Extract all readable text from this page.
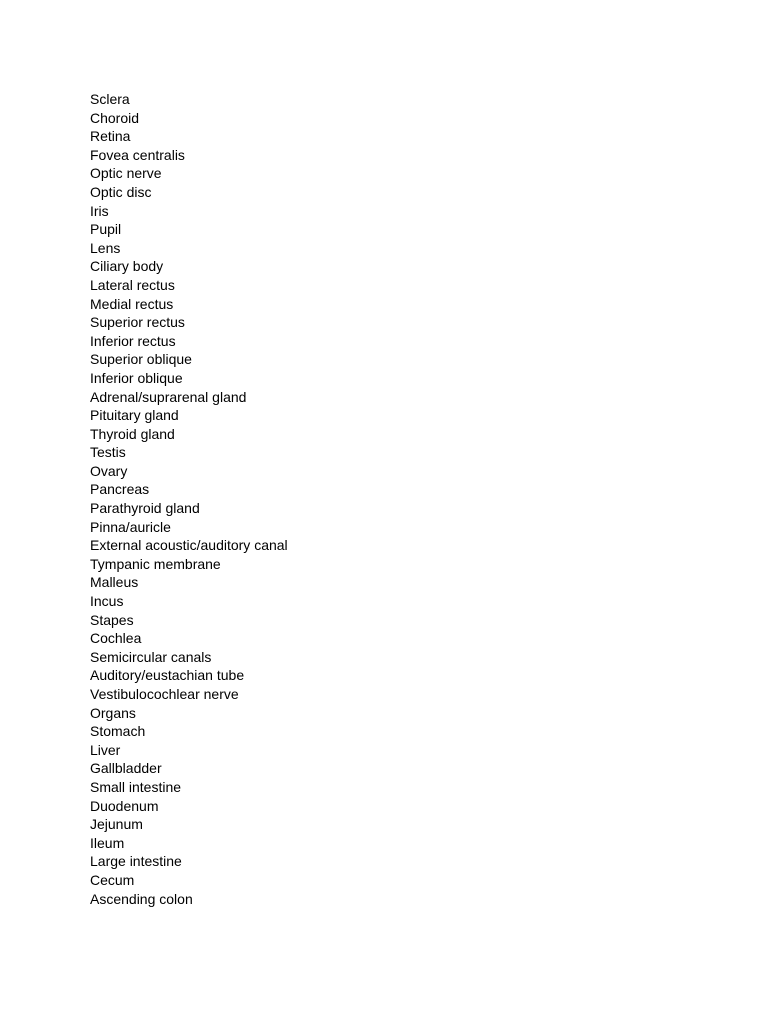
Sclera
Choroid
Retina
Fovea centralis
Optic nerve
Optic disc
Iris
Pupil
Lens
Ciliary body
Lateral rectus
Medial rectus
Superior rectus
Inferior rectus
Superior oblique
Inferior oblique
Adrenal/suprarenal gland
Pituitary gland
Thyroid gland
Testis
Ovary
Pancreas
Parathyroid gland
Pinna/auricle
External acoustic/auditory canal
Tympanic membrane
Malleus
Incus
Stapes
Cochlea
Semicircular canals
Auditory/eustachian tube
Vestibulocochlear nerve
Organs
Stomach
Liver
Gallbladder
Small intestine
Duodenum
Jejunum
Ileum
Large intestine
Cecum
Ascending colon
